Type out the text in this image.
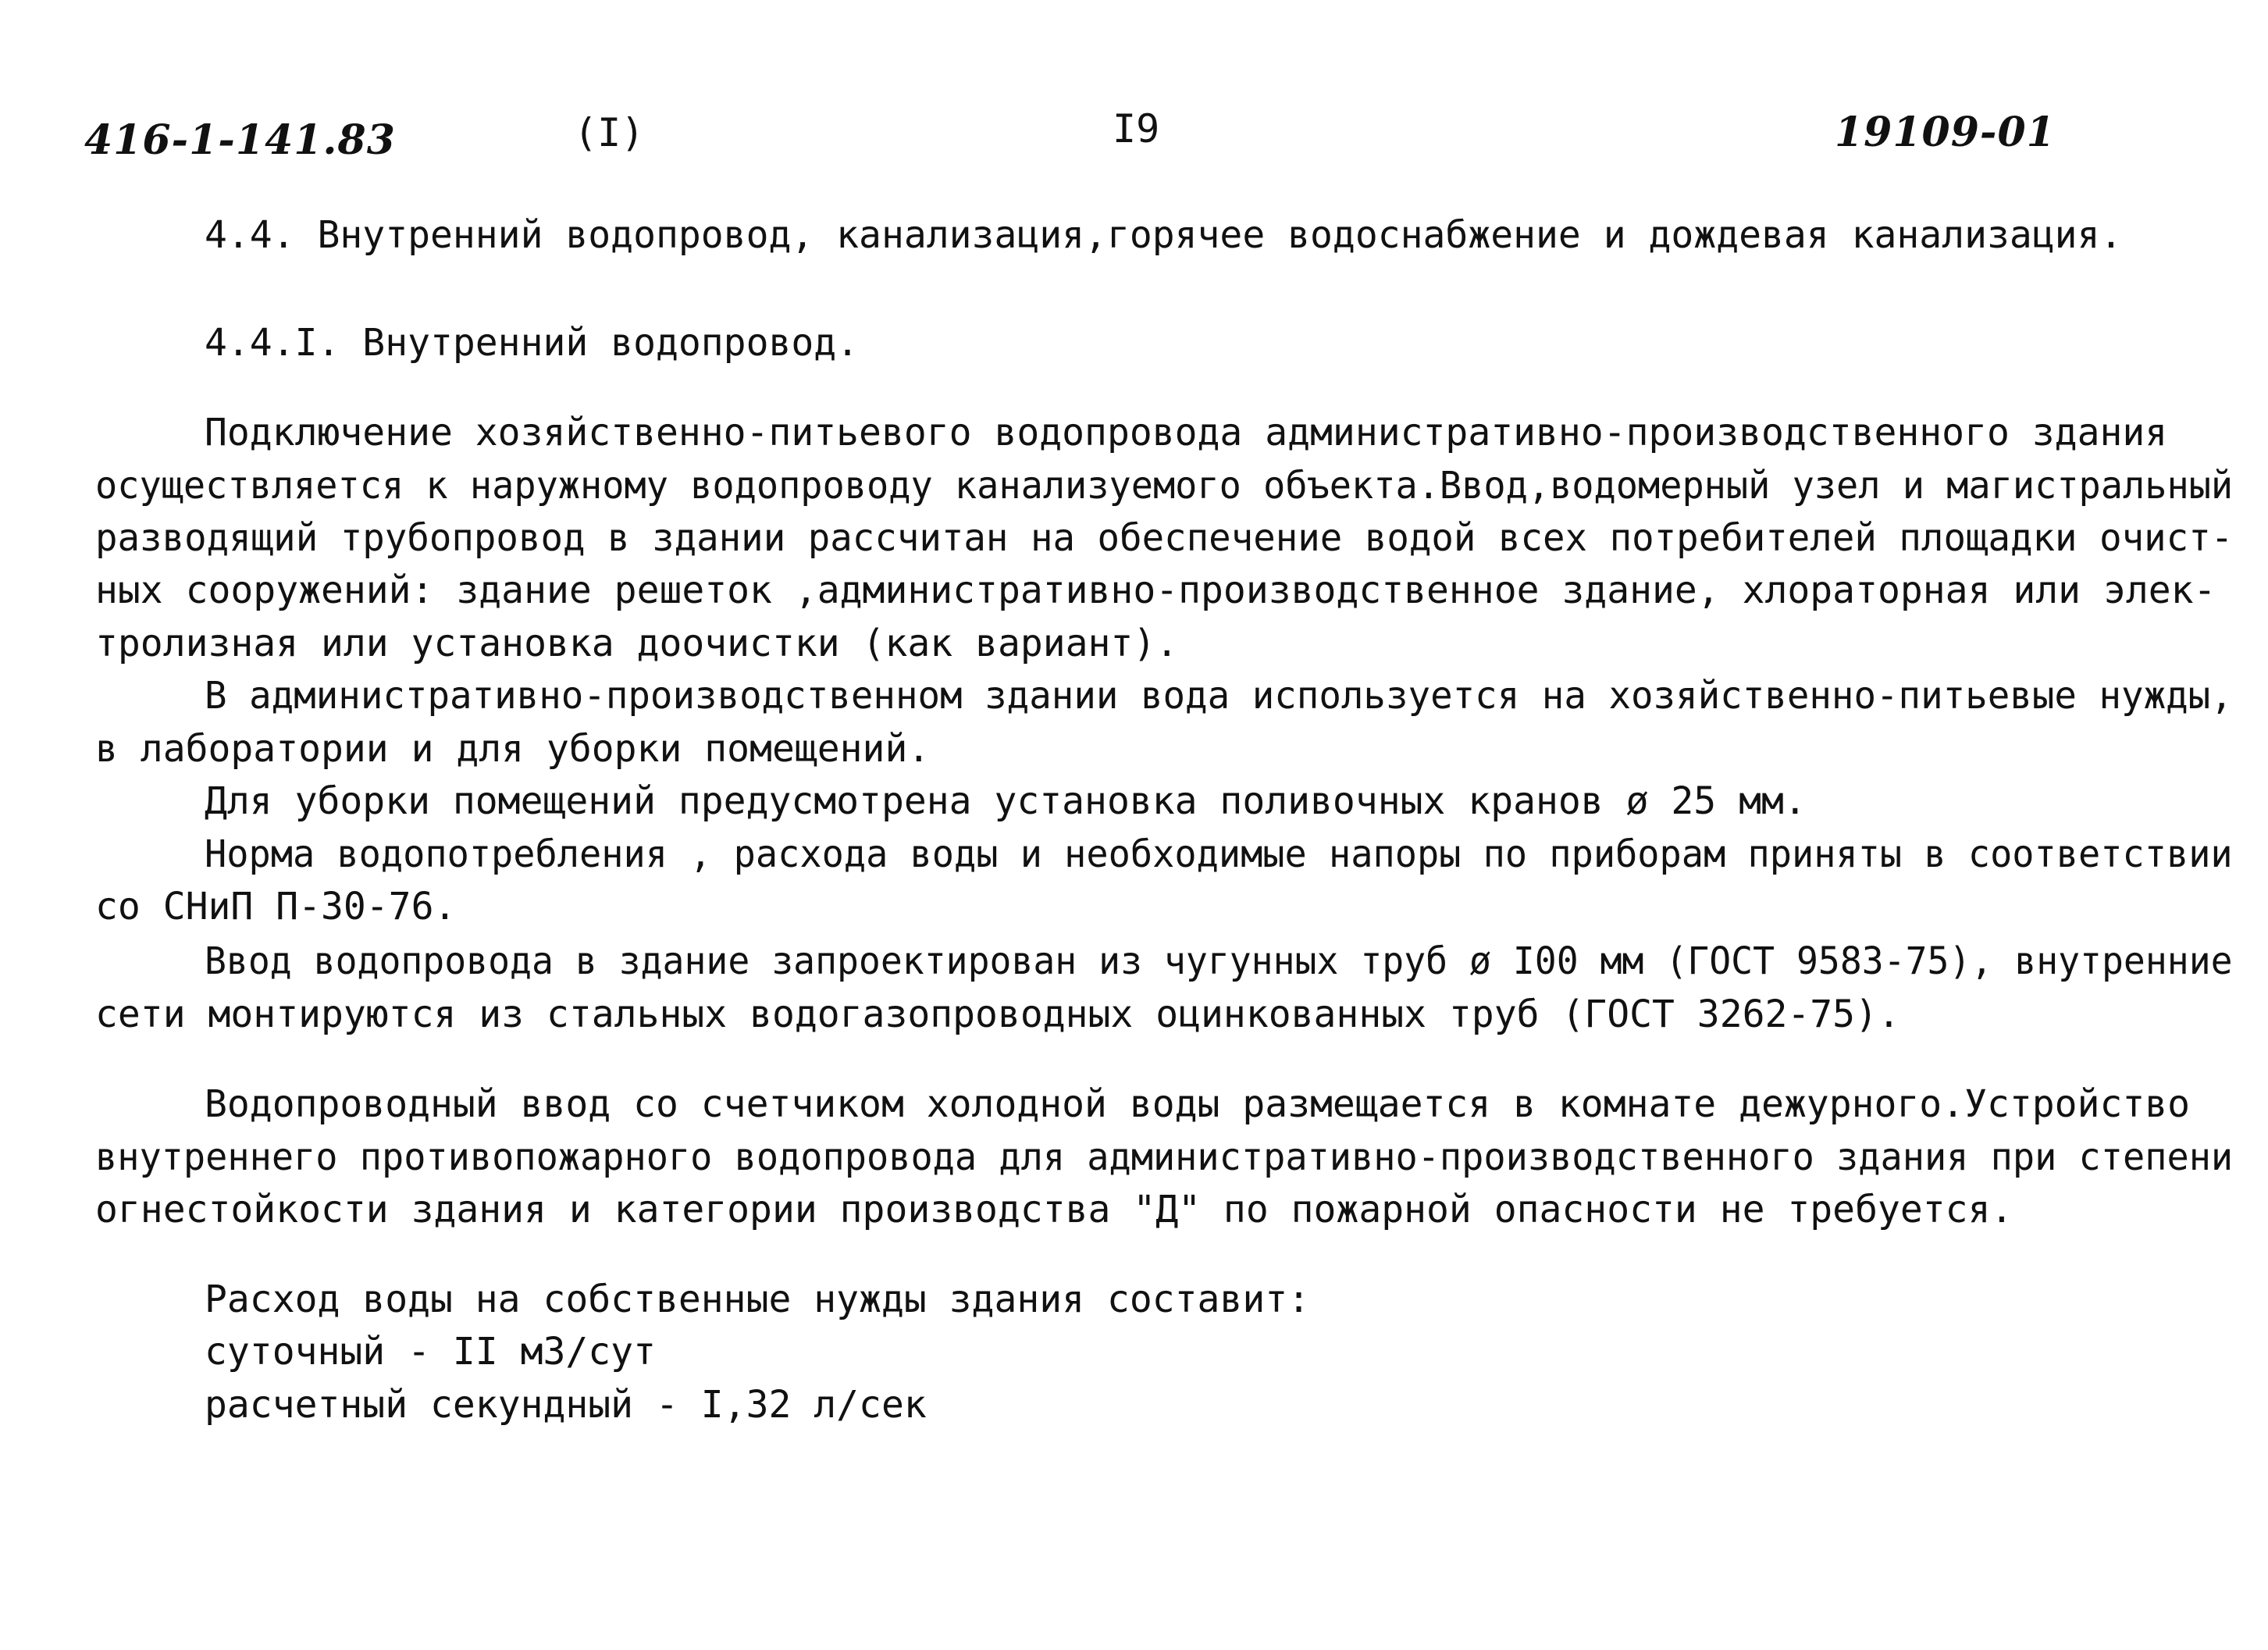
416-1-141.83	(I)	I9	19109-01
4.4. Внутренний водопровод, канализация,горячее водоснабжение и дождевая канализация.
4.4.I. Внутренний водопровод.
Подключение хозяйственно-питьевого водопровода административно-производственного здания
осуществляется к наружному водопроводу канализуемого объекта.Ввод,водомерный узел и магистральный
разводящий трубопровод в здании рассчитан на обеспечение водой всех потребителей площадки очист-
ных сооружений: здание решеток ,административно-производственное здание, хлораторная или элек-
тролизная или установка доочистки (как вариант).
В административно-производственном здании вода используется на хозяйственно-питьевые нужды,
в лаборатории и для уборки помещений.
Для уборки помещений предусмотрена установка поливочных кранов ø 25 мм.
Норма водопотребления , расхода воды и необходимые напоры по приборам приняты в соответствии
со СНиП П-30-76.
Ввод водопровода в здание запроектирован из чугунных труб ø I00 мм (ГОСТ 9583-75), внутренние
сети монтируются из стальных водогазопроводных оцинкованных труб (ГОСТ 3262-75).
Водопроводный ввод со счетчиком холодной воды размещается в комнате дежурного.Устройство
внутреннего противопожарного водопровода для административно-производственного здания при степени
огнестойкости здания и категории производства "Д" по пожарной опасности не требуется.
Расход воды на собственные нужды здания составит:
суточный - II м3/сут
расчетный секундный - I,32 л/сек
